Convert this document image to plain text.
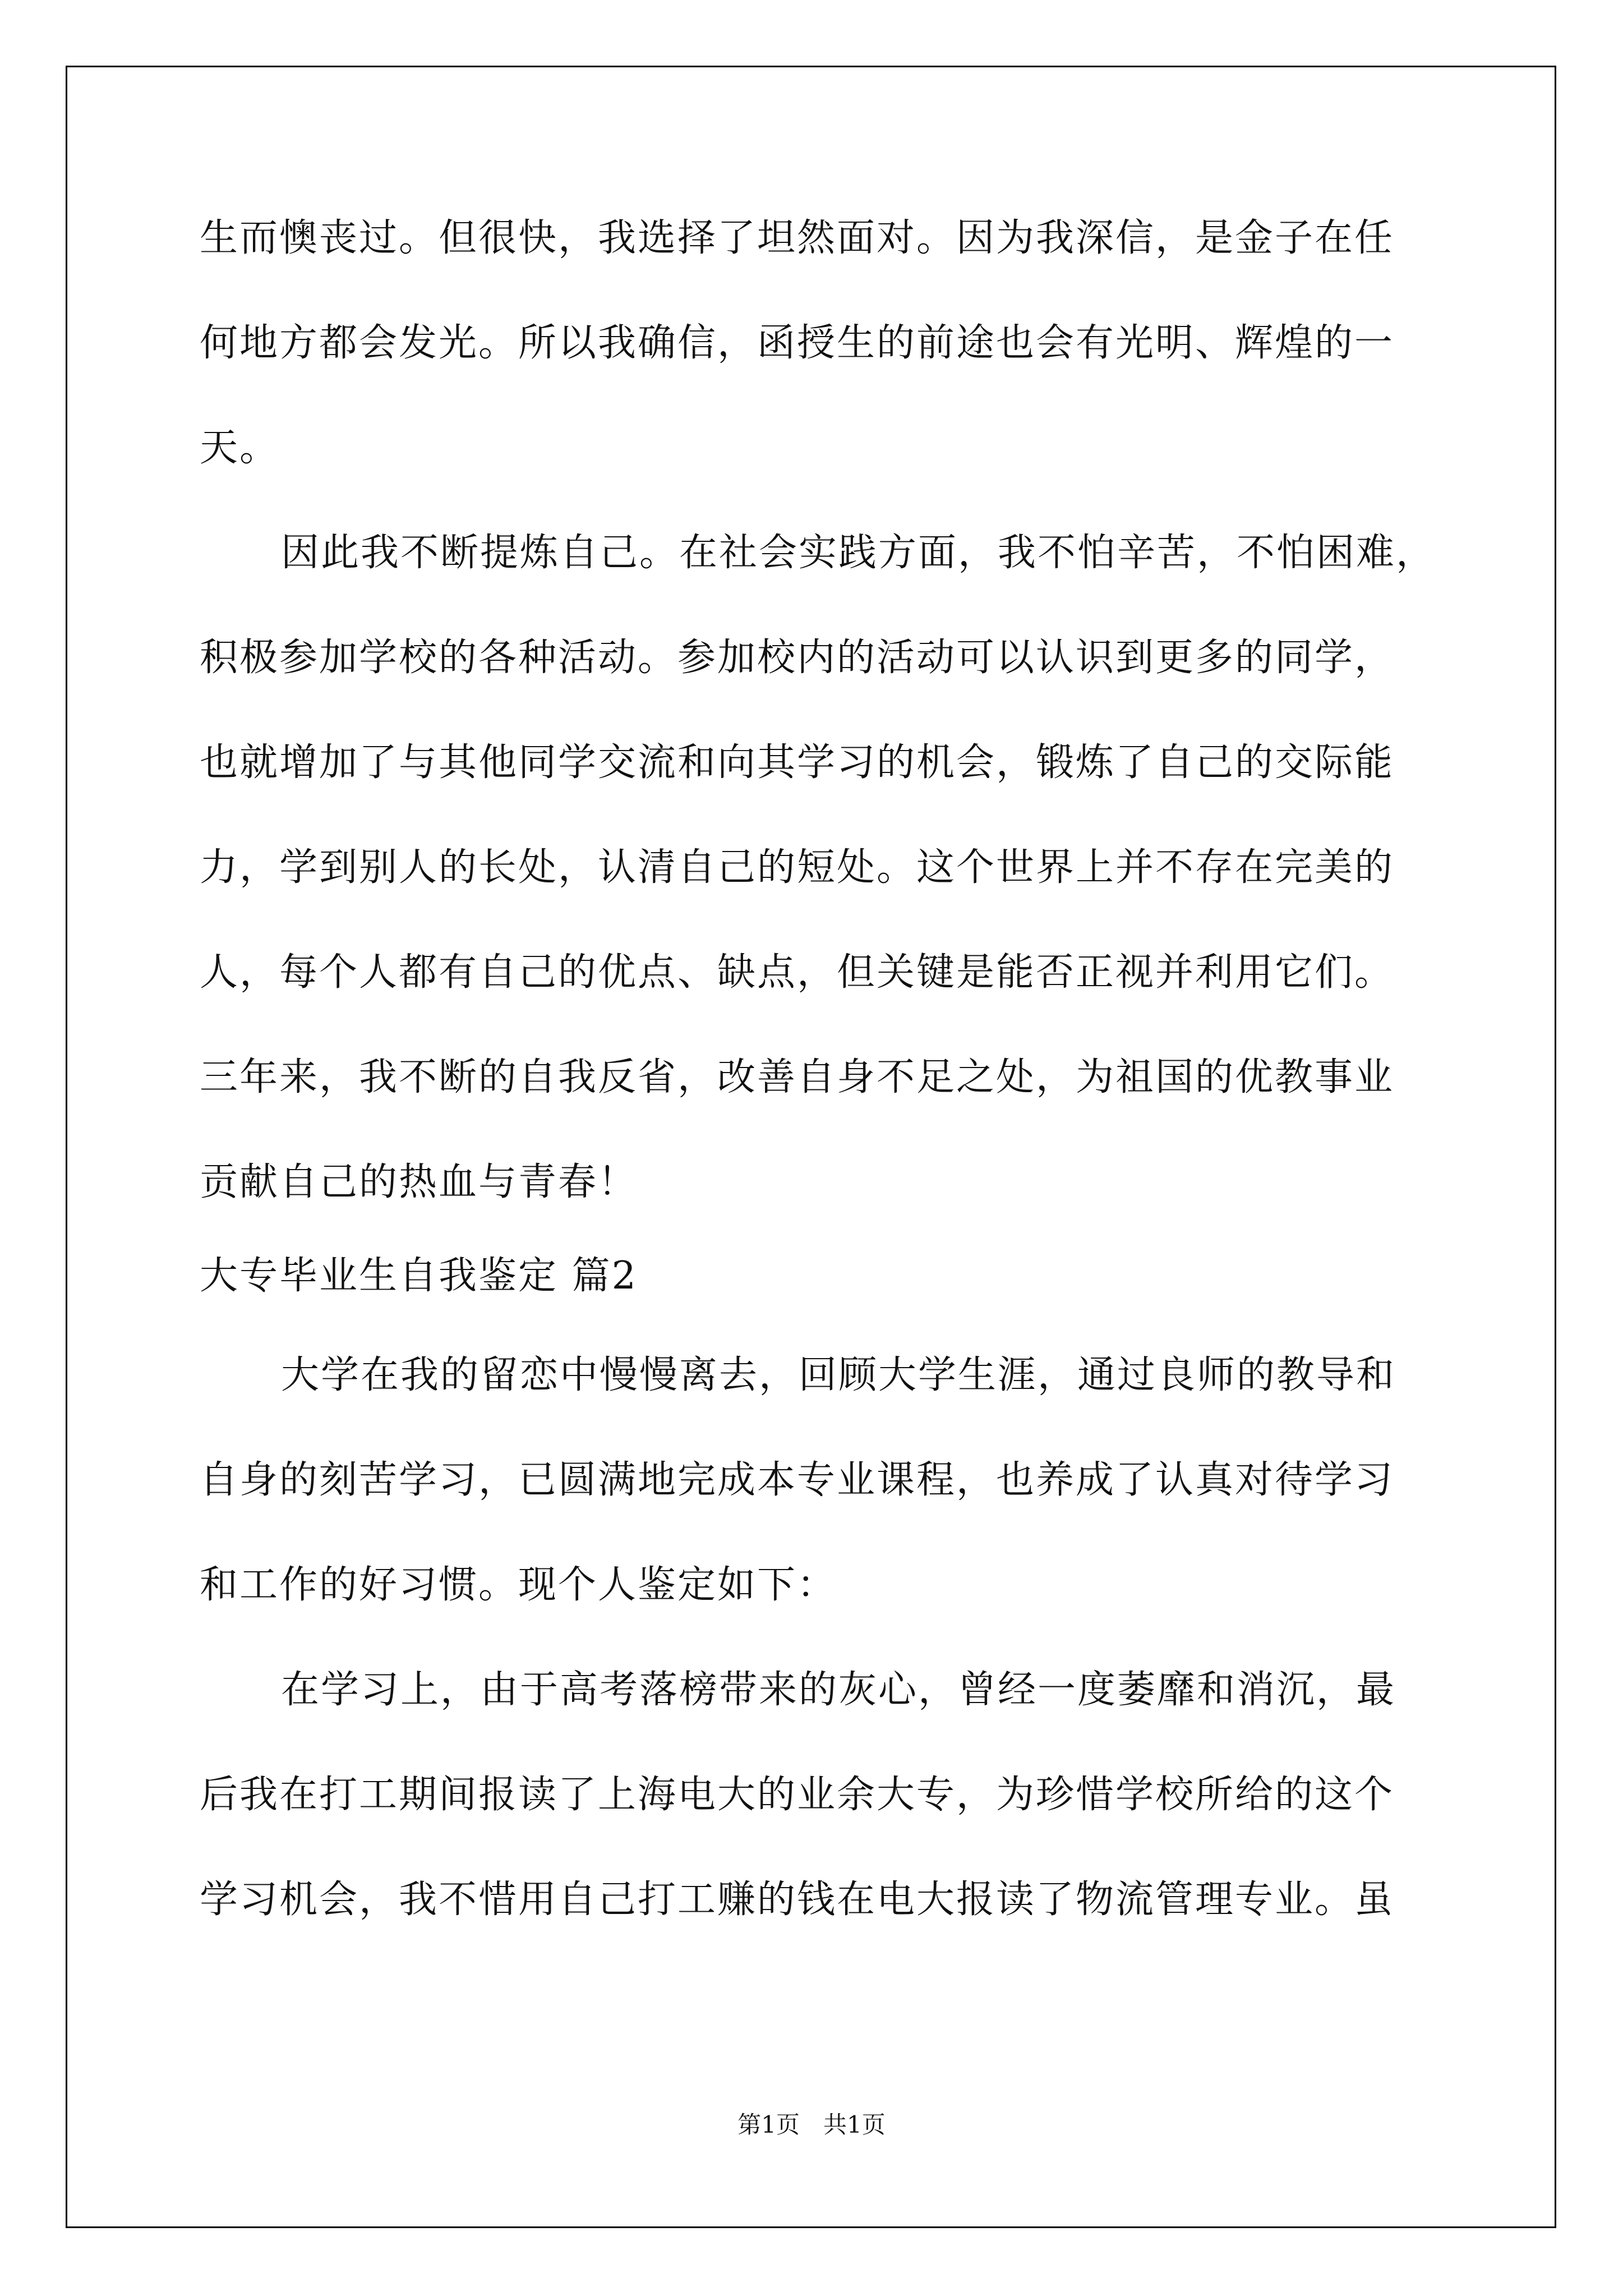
生而懊丧过。但很快，我选择了坦然面对。因为我深信，是金子在任
何地方都会发光。所以我确信，函授生的前途也会有光明、辉煌的一
天。
因此我不断提炼自己。在社会实践方面，我不怕辛苦，不怕困难，
积极参加学校的各种活动。参加校内的活动可以认识到更多的同学，
也就增加了与其他同学交流和向其学习的机会，锻炼了自己的交际能
力，学到别人的长处，认清自己的短处。这个世界上并不存在完美的
人，每个人都有自己的优点、缺点，但关键是能否正视并利用它们。
三年来，我不断的自我反省，改善自身不足之处，为祖国的优教事业
贡献自己的热血与青春！
大专毕业生自我鉴定 篇2
大学在我的留恋中慢慢离去，回顾大学生涯，通过良师的教导和
自身的刻苦学习，已圆满地完成本专业课程，也养成了认真对待学习
和工作的好习惯。现个人鉴定如下：
在学习上，由于高考落榜带来的灰心，曾经一度萎靡和消沉，最
后我在打工期间报读了上海电大的业余大专，为珍惜学校所给的这个
学习机会，我不惜用自己打工赚的钱在电大报读了物流管理专业。虽
第1页　共1页
